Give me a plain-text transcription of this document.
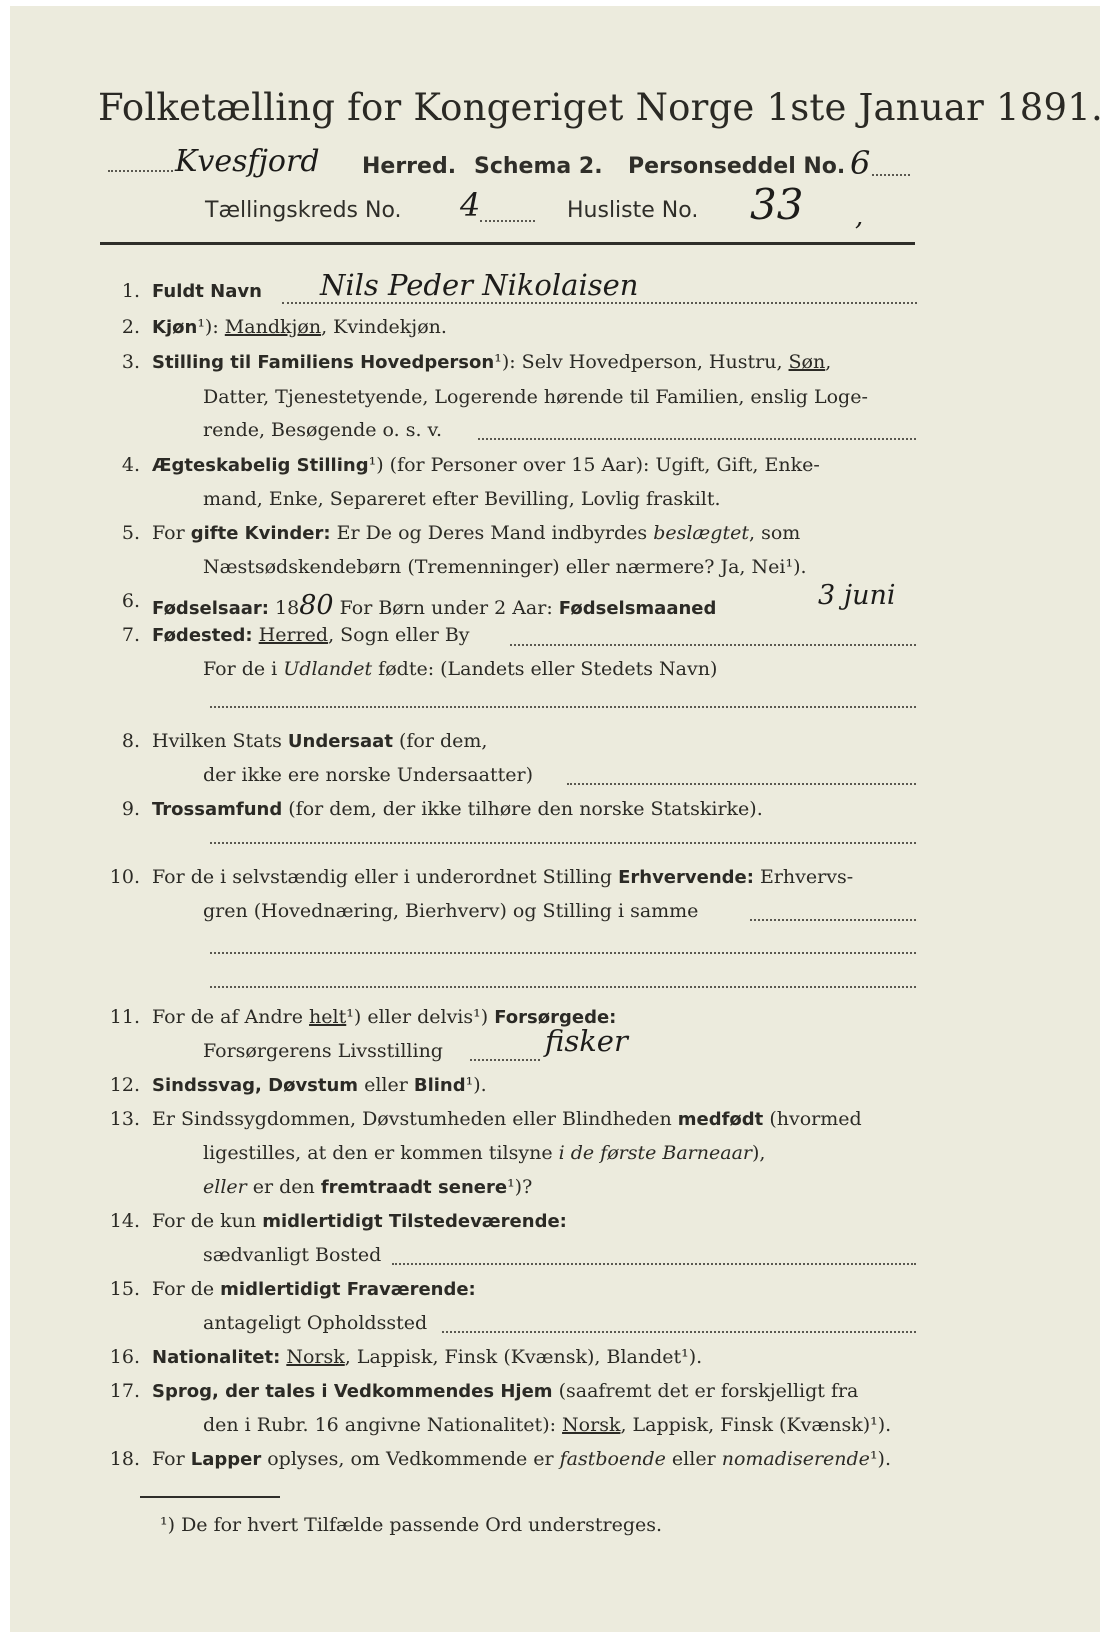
Folketælling for Kongeriget Norge 1ste Januar 1891.
Kvesfjord Herred. Schema 2. Personseddel No. 6
Tællingskreds No. 4	Husliste No. 33 ,
1. Fuldt Navn Nils Peder Nikolaisen
2. Kjøn¹): Mandkjøn, Kvindekjøn.
3. Stilling til Familiens Hovedperson¹): Selv Hovedperson, Hustru, Søn,
Datter, Tjenestetyende, Logerende hørende til Familien, enslig Loge-
rende, Besøgende o. s. v.
4. Ægteskabelig Stilling¹) (for Personer over 15 Aar): Ugift, Gift, Enke-
mand, Enke, Separeret efter Bevilling, Lovlig fraskilt.
5. For gifte Kvinder: Er De og Deres Mand indbyrdes beslægtet, som
Næstsødskendebørn (Tremenninger) eller nærmere? Ja, Nei¹).
6. Fødselsaar: 1880 For Børn under 2 Aar: Fødselsmaaned	3 juni
7. Fødested: Herred, Sogn eller By
For de i Udlandet fødte: (Landets eller Stedets Navn)
8. Hvilken Stats Undersaat (for dem,
der ikke ere norske Undersaatter)
9. Trossamfund (for dem, der ikke tilhøre den norske Statskirke).
10. For de i selvstændig eller i underordnet Stilling Erhvervende: Erhvervs-
gren (Hovednæring, Bierhverv) og Stilling i samme
11. For de af Andre helt¹) eller delvis¹) Forsørgede:
Forsørgerens Livsstilling	fisker
12. Sindssvag, Døvstum eller Blind¹).
13. Er Sindssygdommen, Døvstumheden eller Blindheden medfødt (hvormed
ligestilles, at den er kommen tilsyne i de første Barneaar),
eller er den fremtraadt senere¹)?
14. For de kun midlertidigt Tilstedeværende:
sædvanligt Bosted
15. For de midlertidigt Fraværende:
antageligt Opholdssted
16. Nationalitet: Norsk, Lappisk, Finsk (Kvænsk), Blandet¹).
17. Sprog, der tales i Vedkommendes Hjem (saafremt det er forskjelligt fra
den i Rubr. 16 angivne Nationalitet): Norsk, Lappisk, Finsk (Kvænsk)¹).
18. For Lapper oplyses, om Vedkommende er fastboende eller nomadiserende¹).
¹) De for hvert Tilfælde passende Ord understreges.
